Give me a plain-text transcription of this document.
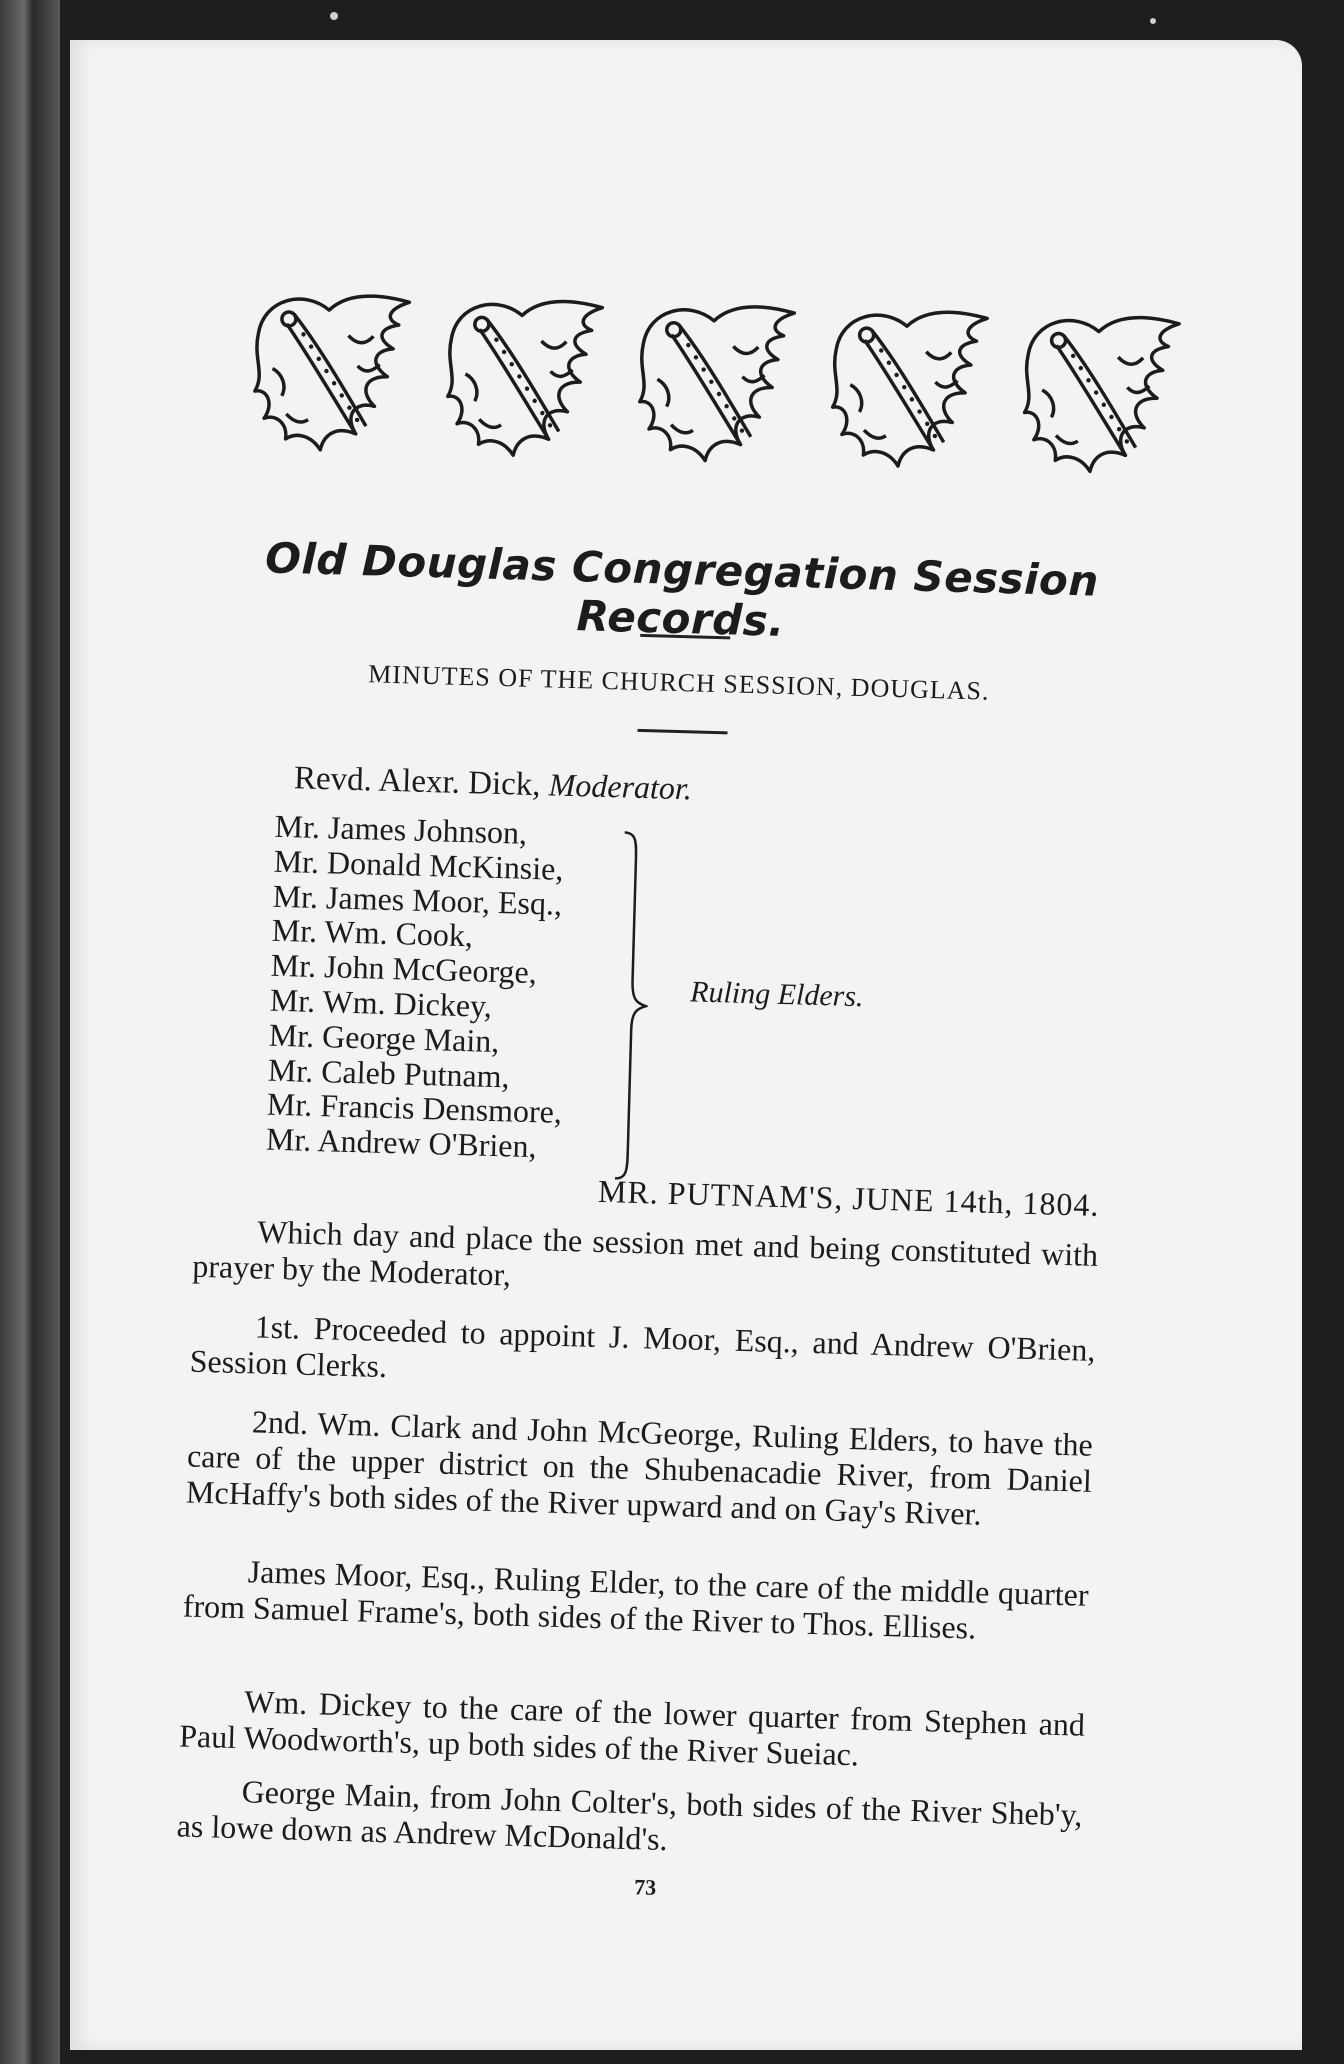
Old Douglas Congregation Session Records.
MINUTES OF THE CHURCH SESSION, DOUGLAS.
Revd. Alexr. Dick, Moderator.
Mr. James Johnson,
Mr. Donald McKinsie,
Mr. James Moor, Esq.,
Mr. Wm. Cook,
Mr. John McGeorge,
Mr. Wm. Dickey,
Mr. George Main,
Mr. Caleb Putnam,
Mr. Francis Densmore,
Mr. Andrew O'Brien,
Ruling Elders.
MR. PUTNAM'S, JUNE 14th, 1804.
Which day and place the session met and being constituted with prayer by the Moderator,
1st. Proceeded to appoint J. Moor, Esq., and Andrew O'Brien, Session Clerks.
2nd. Wm. Clark and John McGeorge, Ruling Elders, to have the care of the upper district on the Shubenacadie River, from Daniel McHaffy's both sides of the River upward and on Gay's River.
James Moor, Esq., Ruling Elder, to the care of the middle quarter from Samuel Frame's, both sides of the River to Thos. Ellises.
Wm. Dickey to the care of the lower quarter from Stephen and Paul Woodworth's, up both sides of the River Sueiac.
George Main, from John Colter's, both sides of the River Sheb'y, as lowe down as Andrew McDonald's.
73
